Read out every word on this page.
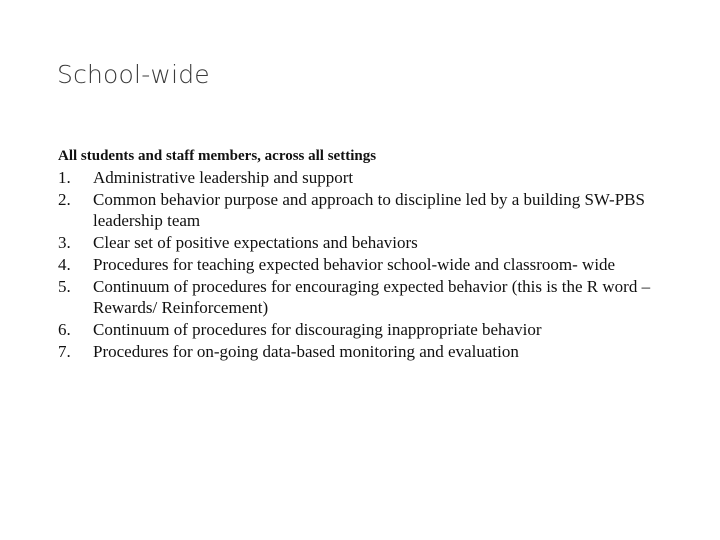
School-wide
All students and staff members, across all settings
1.	Administrative leadership and support
2.	Common behavior purpose and approach to discipline led by a building SW-PBS leadership team
3.	Clear set of positive expectations and behaviors
4.	Procedures for teaching expected behavior school-wide and classroom- wide
5.	Continuum of procedures for encouraging expected behavior (this is the R word – Rewards/ Reinforcement)
6.	Continuum of procedures for discouraging inappropriate behavior
7.	Procedures for on-going data-based monitoring and evaluation
